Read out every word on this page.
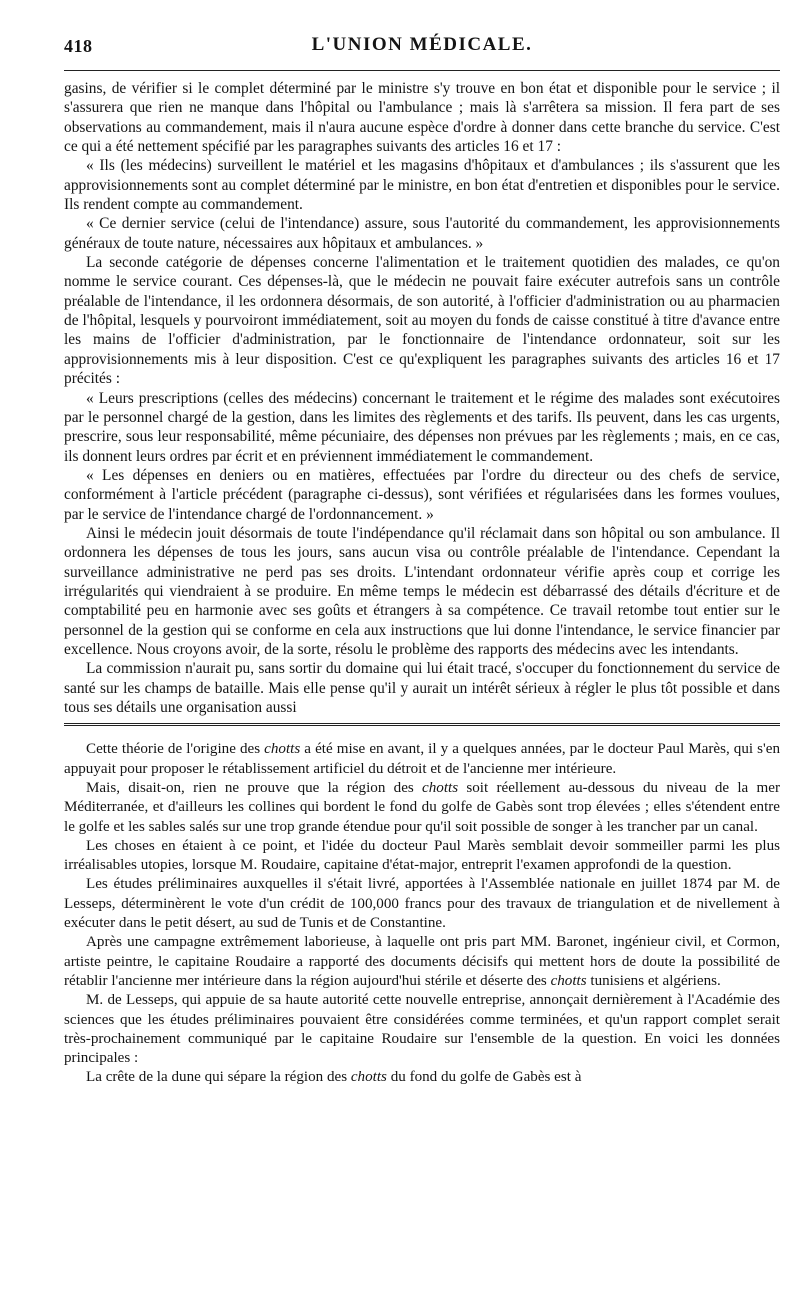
418	L'UNION MÉDICALE.

gasins, de vérifier si le complet déterminé par le ministre s'y trouve en bon état et disponible pour le service ; il s'assurera que rien ne manque dans l'hôpital ou l'ambulance ; mais là s'arrêtera sa mission. Il fera part de ses observations au commandement, mais il n'aura aucune espèce d'ordre à donner dans cette branche du service. C'est ce qui a été nettement spécifié par les paragraphes suivants des articles 16 et 17 :

« Ils (les médecins) surveillent le matériel et les magasins d'hôpitaux et d'ambulances ; ils s'assurent que les approvisionnements sont au complet déterminé par le ministre, en bon état d'entretien et disponibles pour le service. Ils rendent compte au commandement.

« Ce dernier service (celui de l'intendance) assure, sous l'autorité du commandement, les approvisionnements généraux de toute nature, nécessaires aux hôpitaux et ambulances. »

La seconde catégorie de dépenses concerne l'alimentation et le traitement quotidien des malades, ce qu'on nomme le service courant. Ces dépenses-là, que le médecin ne pouvait faire exécuter autrefois sans un contrôle préalable de l'intendance, il les ordonnera désormais, de son autorité, à l'officier d'administration ou au pharmacien de l'hôpital, lesquels y pourvoiront immédiatement, soit au moyen du fonds de caisse constitué à titre d'avance entre les mains de l'officier d'administration, par le fonctionnaire de l'intendance ordonnateur, soit sur les approvisionnements mis à leur disposition. C'est ce qu'expliquent les paragraphes suivants des articles 16 et 17 précités :

« Leurs prescriptions (celles des médecins) concernant le traitement et le régime des malades sont exécutoires par le personnel chargé de la gestion, dans les limites des règlements et des tarifs. Ils peuvent, dans les cas urgents, prescrire, sous leur responsabilité, même pécuniaire, des dépenses non prévues par les règlements ; mais, en ce cas, ils donnent leurs ordres par écrit et en préviennent immédiatement le commandement.

« Les dépenses en deniers ou en matières, effectuées par l'ordre du directeur ou des chefs de service, conformément à l'article précédent (paragraphe ci-dessus), sont vérifiées et régularisées dans les formes voulues, par le service de l'intendance chargé de l'ordonnancement. »

Ainsi le médecin jouit désormais de toute l'indépendance qu'il réclamait dans son hôpital ou son ambulance. Il ordonnera les dépenses de tous les jours, sans aucun visa ou contrôle préalable de l'intendance. Cependant la surveillance administrative ne perd pas ses droits. L'intendant ordonnateur vérifie après coup et corrige les irrégularités qui viendraient à se produire. En même temps le médecin est débarrassé des détails d'écriture et de comptabilité peu en harmonie avec ses goûts et étrangers à sa compétence. Ce travail retombe tout entier sur le personnel de la gestion qui se conforme en cela aux instructions que lui donne l'intendance, le service financier par excellence. Nous croyons avoir, de la sorte, résolu le problème des rapports des médecins avec les intendants.

La commission n'aurait pu, sans sortir du domaine qui lui était tracé, s'occuper du fonctionnement du service de santé sur les champs de bataille. Mais elle pense qu'il y aurait un intérêt sérieux à régler le plus tôt possible et dans tous ses détails une organisation aussi

Cette théorie de l'origine des chotts a été mise en avant, il y a quelques années, par le docteur Paul Marès, qui s'en appuyait pour proposer le rétablissement artificiel du détroit et de l'ancienne mer intérieure.

Mais, disait-on, rien ne prouve que la région des chotts soit réellement au-dessous du niveau de la mer Méditerranée, et d'ailleurs les collines qui bordent le fond du golfe de Gabès sont trop élevées ; elles s'étendent entre le golfe et les sables salés sur une trop grande étendue pour qu'il soit possible de songer à les trancher par un canal.

Les choses en étaient à ce point, et l'idée du docteur Paul Marès semblait devoir sommeiller parmi les plus irréalisables utopies, lorsque M. Roudaire, capitaine d'état-major, entreprit l'examen approfondi de la question.

Les études préliminaires auxquelles il s'était livré, apportées à l'Assemblée nationale en juillet 1874 par M. de Lesseps, déterminèrent le vote d'un crédit de 100,000 francs pour des travaux de triangulation et de nivellement à exécuter dans le petit désert, au sud de Tunis et de Constantine.

Après une campagne extrêmement laborieuse, à laquelle ont pris part MM. Baronet, ingénieur civil, et Cormon, artiste peintre, le capitaine Roudaire a rapporté des documents décisifs qui mettent hors de doute la possibilité de rétablir l'ancienne mer intérieure dans la région aujourd'hui stérile et déserte des chotts tunisiens et algériens.

M. de Lesseps, qui appuie de sa haute autorité cette nouvelle entreprise, annonçait dernièrement à l'Académie des sciences que les études préliminaires pouvaient être considérées comme terminées, et qu'un rapport complet serait très-prochainement communiqué par le capitaine Roudaire sur l'ensemble de la question. En voici les données principales :

La crête de la dune qui sépare la région des chotts du fond du golfe de Gabès est à
